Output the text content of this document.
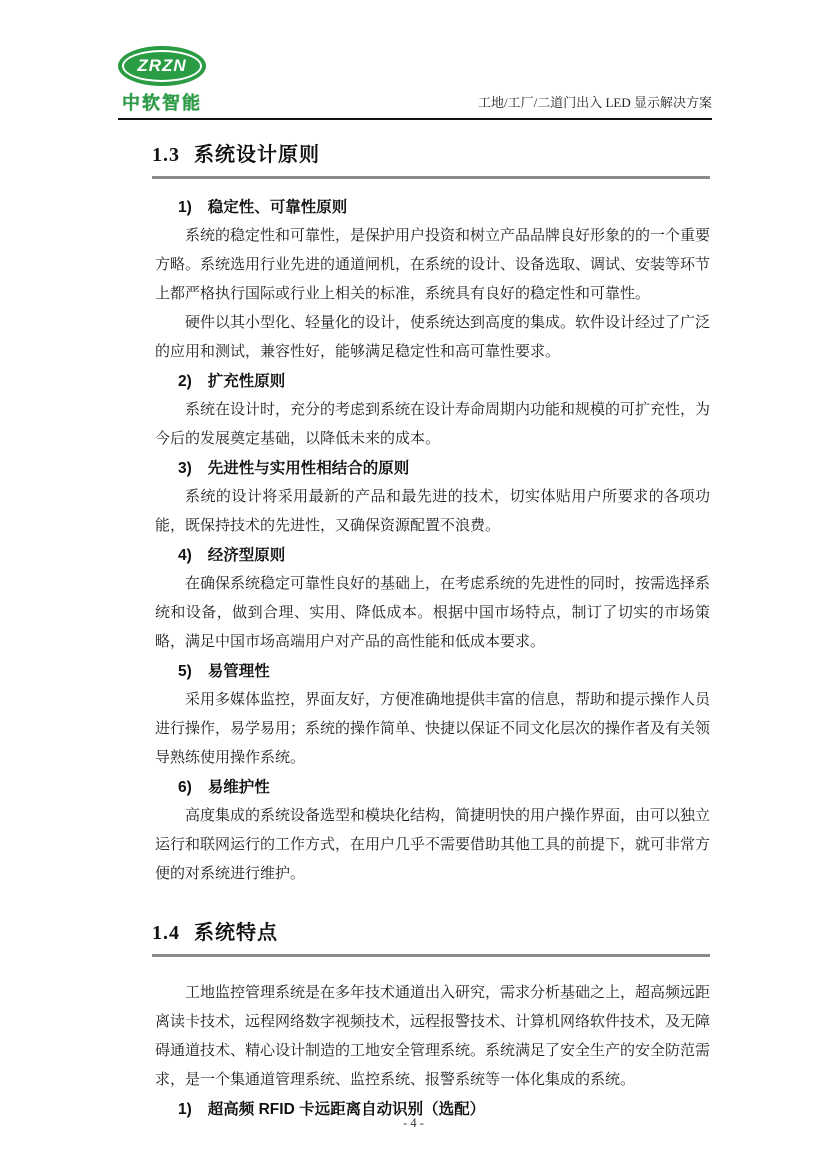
ZRZN
中软智能	工地/工厂/二道门出入 LED 显示解决方案
1.3 系统设计原则
1) 稳定性、可靠性原则

系统的稳定性和可靠性，是保护用户投资和树立产品品牌良好形象的的一个重要方略。系统选用行业先进的通道闸机，在系统的设计、设备选取、调试、安装等环节上都严格执行国际或行业上相关的标准，系统具有良好的稳定性和可靠性。

硬件以其小型化、轻量化的设计，使系统达到高度的集成。软件设计经过了广泛的应用和测试，兼容性好，能够满足稳定性和高可靠性要求。

2) 扩充性原则

系统在设计时，充分的考虑到系统在设计寿命周期内功能和规模的可扩充性，为今后的发展奠定基础，以降低未来的成本。

3) 先进性与实用性相结合的原则

系统的设计将采用最新的产品和最先进的技术，切实体贴用户所要求的各项功能，既保持技术的先进性，又确保资源配置不浪费。

4) 经济型原则

在确保系统稳定可靠性良好的基础上，在考虑系统的先进性的同时，按需选择系统和设备，做到合理、实用、降低成本。根据中国市场特点，制订了切实的市场策略，满足中国市场高端用户对产品的高性能和低成本要求。

5) 易管理性

采用多媒体监控，界面友好，方便准确地提供丰富的信息，帮助和提示操作人员进行操作，易学易用；系统的操作简单、快捷以保证不同文化层次的操作者及有关领导熟练使用操作系统。

6) 易维护性

高度集成的系统设备选型和模块化结构，简捷明快的用户操作界面，由可以独立运行和联网运行的工作方式，在用户几乎不需要借助其他工具的前提下，就可非常方便的对系统进行维护。

1.4 系统特点

工地监控管理系统是在多年技术通道出入研究，需求分析基础之上，超高频远距离读卡技术，远程网络数字视频技术，远程报警技术、计算机网络软件技术，及无障碍通道技术、精心设计制造的工地安全管理系统。系统满足了安全生产的安全防范需求，是一个集通道管理系统、监控系统、报警系统等一体化集成的系统。

1) 超高频 RFID 卡远距离自动识别（选配）
- 4 -
